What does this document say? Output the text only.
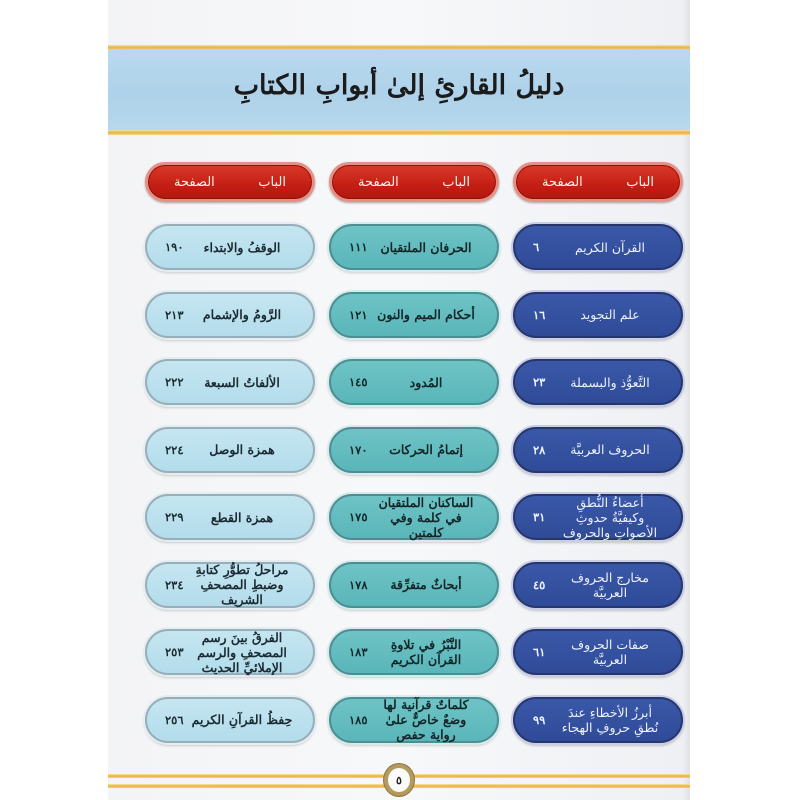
دليلُ القارئِ إلىٰ أبوابِ الكتابِ
٥
الباب
الصفحة
الوقفُ والابتداء
١٩٠
الرَّومُ والإشمام
٢١٣
الألفاتُ السبعة
٢٢٢
همزة الوصل
٢٢٤
همزة القطع
٢٢٩
مراحلُ تطوُّرِ كتابةِ وضبطِ المصحفِ الشريف
٢٣٤
الفرقُ بينَ رسم المصحفِ والرسم الإملائيِّ الحديث
٢٥٣
حِفظُ القرآنِ الكريم
٢٥٦
الباب
الصفحة
الحرفان الملتقيان
١١١
أحكام الميم والنون
١٢١
المُدود
١٤٥
إتمامُ الحركات
١٧٠
الساكنان الملتقيان في كلمة وفي كلمتين
١٧٥
أبحاثٌ متفرِّقة
١٧٨
النَّبْرُ في تلاوةِ القرآن الكريم
١٨٣
كلماتٌ قرآنية لها وضعٌ خاصٌّ علىٰ رواية حفص
١٨٥
الباب
الصفحة
القرآن الكريم
٦
علم التجويد
١٦
التَّعوُّذ والبسملة
٢٣
الحروف العربيَّة
٢٨
أعضاءُ النُّطقِ وكيفيَّةُ حدوثِ الأصواتِ والحروف
٣١
مخارج الحروف العربيَّة
٤٥
صفات الحروف العربيَّة
٦١
أبرزُ الأخطاءِ عندَ نُطقِ حروفِ الهجاء
٩٩
